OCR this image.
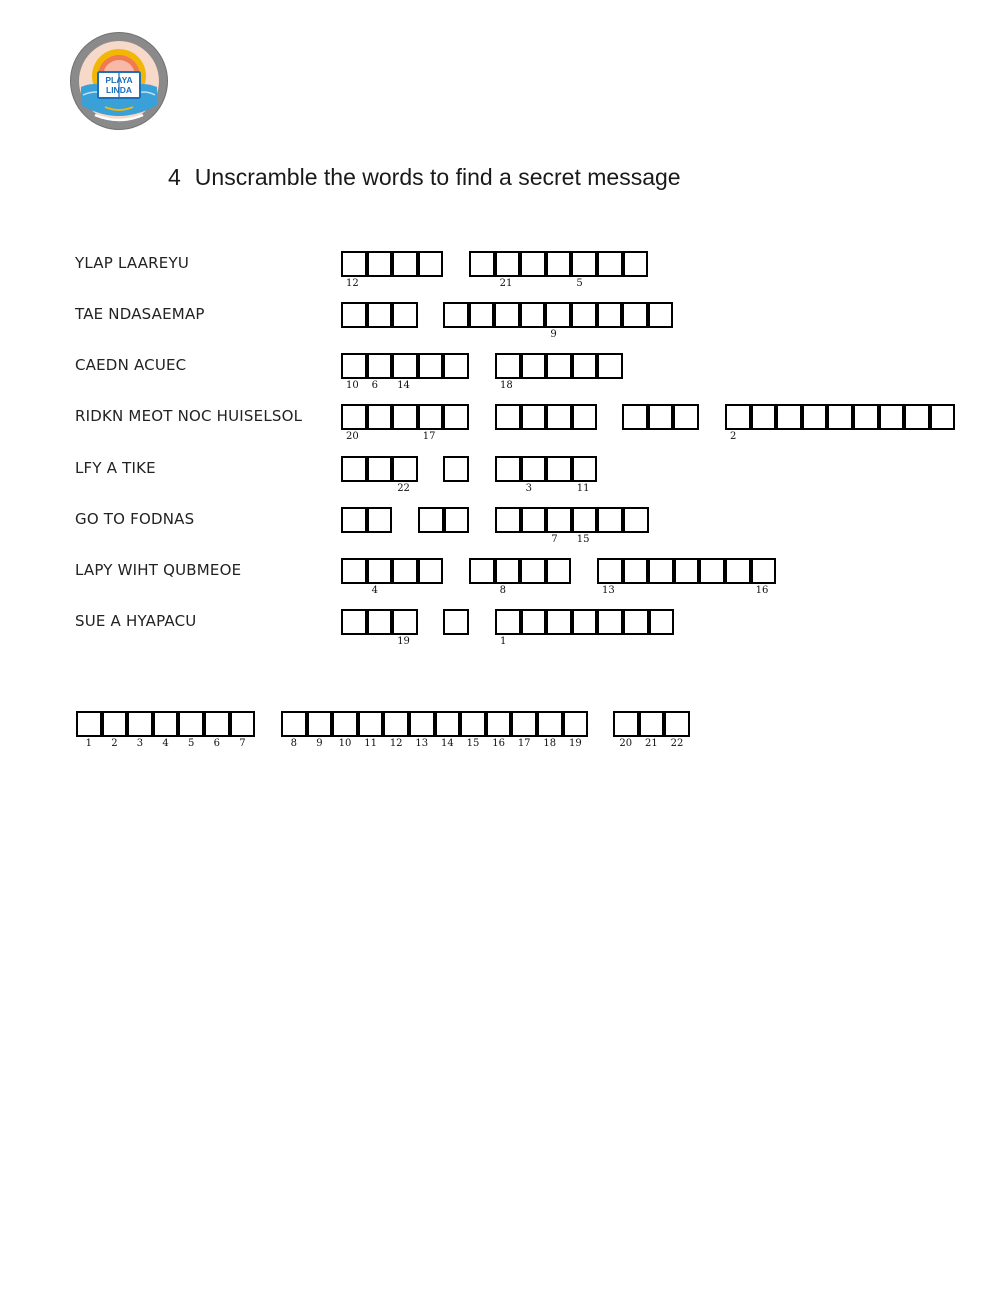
PLAYA
LINDA
4 Unscramble the words to find a secret message
YLAP LAAREYU
12	21	5
TAE NDASAEMAP
9
CAEDN ACUEC
10 6 14	18
RIDKN MEOT NOC HUISELSOL
20	17	2
LFY A TIKE
22	3	11
GO TO FODNAS
7 15
LAPY WIHT QUBMEOE
4	8	13	16
SUE A HYAPACU
19	1
1	2	3	4	5	6	7	8	9	10	11	12	13	14	15	16	17	18	19	20	21	22
